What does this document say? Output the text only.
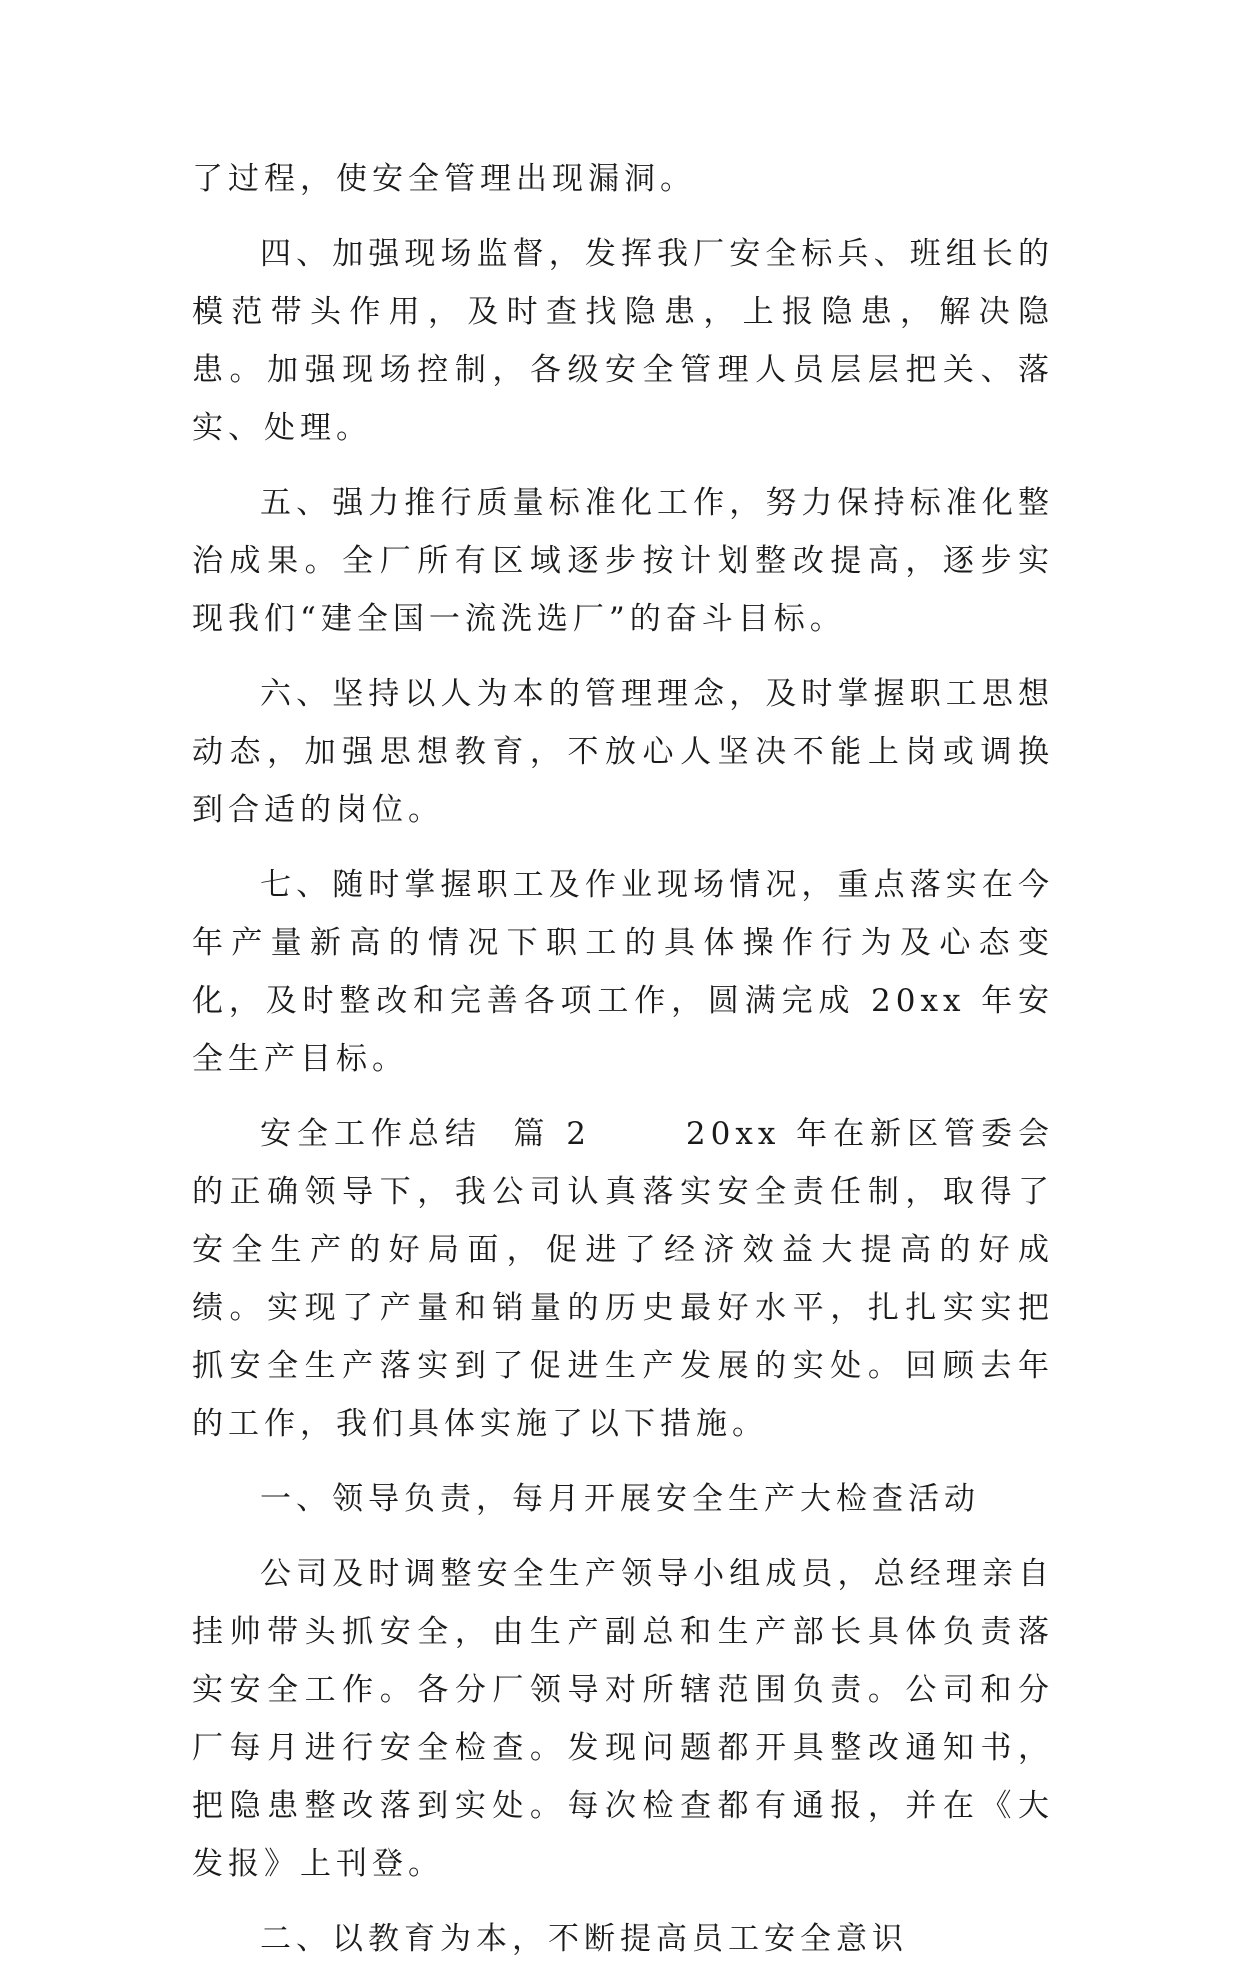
了过程，使安全管理出现漏洞。

四、加强现场监督，发挥我厂安全标兵、班组长的模范带头作用，及时查找隐患，上报隐患，解决隐患。加强现场控制，各级安全管理人员层层把关、落实、处理。

五、强力推行质量标准化工作，努力保持标准化整治成果。全厂所有区域逐步按计划整改提高，逐步实现我们“建全国一流洗选厂”的奋斗目标。

六、坚持以人为本的管理理念，及时掌握职工思想动态，加强思想教育，不放心人坚决不能上岗或调换到合适的岗位。

七、随时掌握职工及作业现场情况，重点落实在今年产量新高的情况下职工的具体操作行为及心态变化，及时整改和完善各项工作，圆满完成 20xx 年安全生产目标。

安全工作总结  篇 2      20xx 年在新区管委会的正确领导下，我公司认真落实安全责任制，取得了安全生产的好局面，促进了经济效益大提高的好成绩。实现了产量和销量的历史最好水平，扎扎实实把抓安全生产落实到了促进生产发展的实处。回顾去年的工作，我们具体实施了以下措施。

一、领导负责，每月开展安全生产大检查活动

公司及时调整安全生产领导小组成员，总经理亲自挂帅带头抓安全，由生产副总和生产部长具体负责落实安全工作。各分厂领导对所辖范围负责。公司和分厂每月进行安全检查。发现问题都开具整改通知书，把隐患整改落到实处。每次检查都有通报，并在《大发报》上刊登。

二、以教育为本，不断提高员工安全意识
